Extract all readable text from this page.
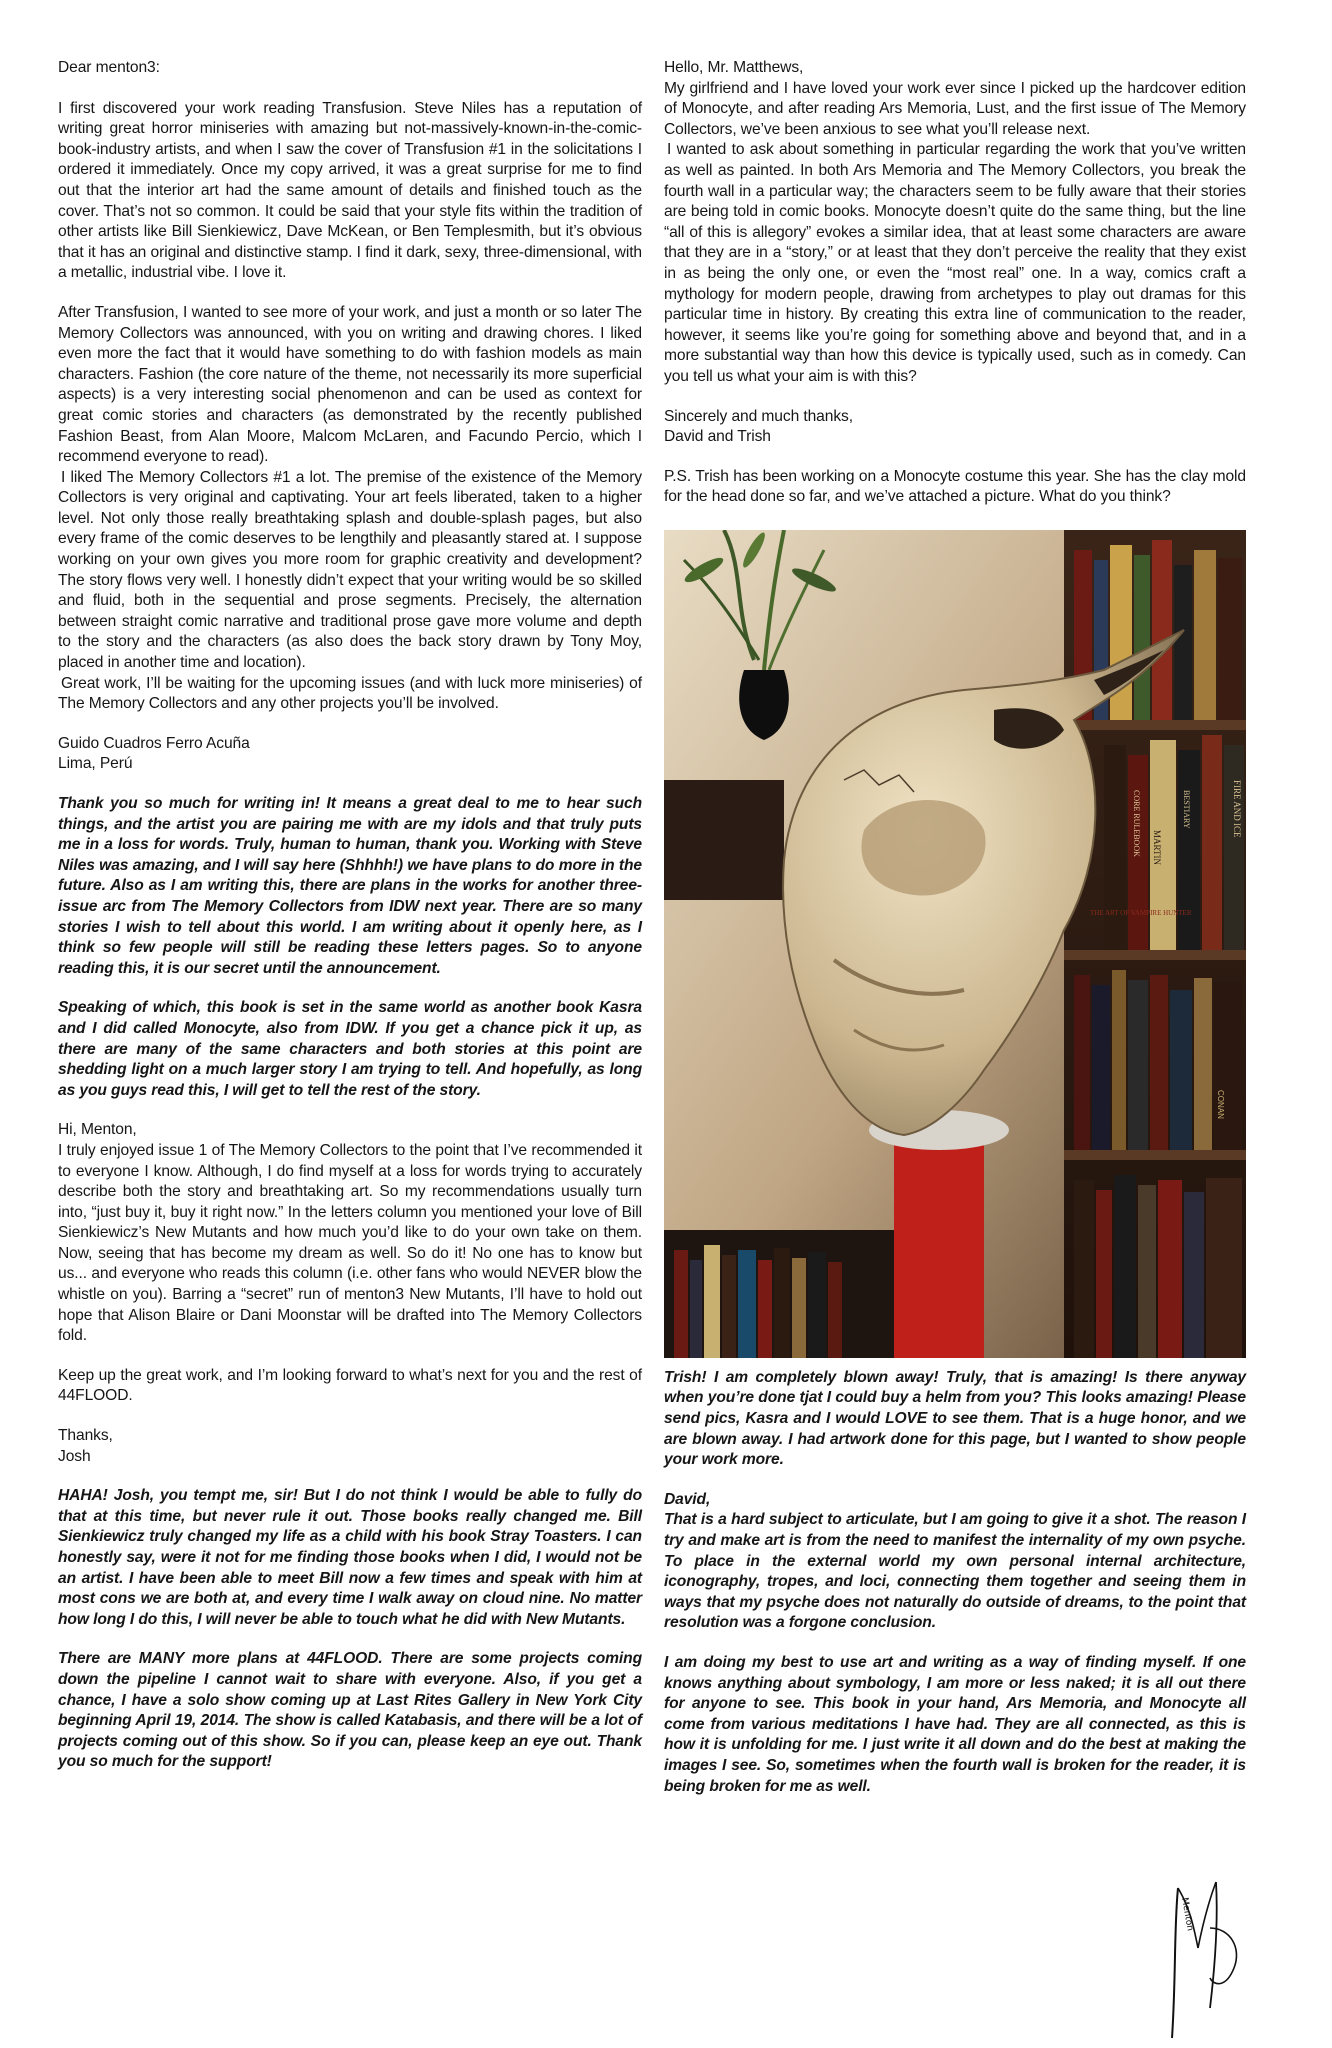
Dear menton3:

I first discovered your work reading Transfusion. Steve Niles has a reputation of writing great horror miniseries with amazing but not-massively-known-in-the-comic-book-industry artists, and when I saw the cover of Transfusion #1 in the solicitations I ordered it immediately. Once my copy arrived, it was a great surprise for me to find out that the interior art had the same amount of details and finished touch as the cover. That’s not so common. It could be said that your style fits within the tradition of other artists like Bill Sienkiewicz, Dave McKean, or Ben Templesmith, but it’s obvious that it has an original and distinctive stamp. I find it dark, sexy, three-dimensional, with a metallic, industrial vibe. I love it.

After Transfusion, I wanted to see more of your work, and just a month or so later The Memory Collectors was announced, with you on writing and drawing chores. I liked even more the fact that it would have something to do with fashion models as main characters. Fashion (the core nature of the theme, not necessarily its more superficial aspects) is a very interesting social phenomenon and can be used as context for great comic stories and characters (as demonstrated by the recently published Fashion Beast, from Alan Moore, Malcom McLaren, and Facundo Percio, which I recommend everyone to read).

I liked The Memory Collectors #1 a lot. The premise of the existence of the Memory Collectors is very original and captivating. Your art feels liberated, taken to a higher level. Not only those really breathtaking splash and double-splash pages, but also every frame of the comic deserves to be lengthily and pleasantly stared at. I suppose working on your own gives you more room for graphic creativity and development? The story flows very well. I honestly didn’t expect that your writing would be so skilled and fluid, both in the sequential and prose segments. Precisely, the alternation between straight comic narrative and traditional prose gave more volume and depth to the story and the characters (as also does the back story drawn by Tony Moy, placed in another time and location).

Great work, I’ll be waiting for the upcoming issues (and with luck more miniseries) of The Memory Collectors and any other projects you’ll be involved.

Guido Cuadros Ferro Acuña

Lima, Perú

Thank you so much for writing in! It means a great deal to me to hear such things, and the artist you are pairing me with are my idols and that truly puts me in a loss for words. Truly, human to human, thank you. Working with Steve Niles was amazing, and I will say here (Shhhh!) we have plans to do more in the future. Also as I am writing this, there are plans in the works for another three-issue arc from The Memory Collectors from IDW next year. There are so many stories I wish to tell about this world. I am writing about it openly here, as I think so few people will still be reading these letters pages. So to anyone reading this, it is our secret until the announcement.

Speaking of which, this book is set in the same world as another book Kasra and I did called Monocyte, also from IDW. If you get a chance pick it up, as there are many of the same characters and both stories at this point are shedding light on a much larger story I am trying to tell. And hopefully, as long as you guys read this, I will get to tell the rest of the story.

Hi, Menton,

I truly enjoyed issue 1 of The Memory Collectors to the point that I’ve recommended it to everyone I know. Although, I do find myself at a loss for words trying to accurately describe both the story and breathtaking art. So my recommendations usually turn into, “just buy it, buy it right now.” In the letters column you mentioned your love of Bill Sienkiewicz’s New Mutants and how much you’d like to do your own take on them. Now, seeing that has become my dream as well. So do it! No one has to know but us... and everyone who reads this column (i.e. other fans who would NEVER blow the whistle on you). Barring a “secret” run of menton3 New Mutants, I’ll have to hold out hope that Alison Blaire or Dani Moonstar will be drafted into The Memory Collectors fold.

Keep up the great work, and I’m looking forward to what’s next for you and the rest of 44FLOOD.

Thanks,

Josh

HAHA! Josh, you tempt me, sir! But I do not think I would be able to fully do that at this time, but never rule it out. Those books really changed me. Bill Sienkiewicz truly changed my life as a child with his book Stray Toasters. I can honestly say, were it not for me finding those books when I did, I would not be an artist. I have been able to meet Bill now a few times and speak with him at most cons we are both at, and every time I walk away on cloud nine. No matter how long I do this, I will never be able to touch what he did with New Mutants.

There are MANY more plans at 44FLOOD. There are some projects coming down the pipeline I cannot wait to share with everyone. Also, if you get a chance, I have a solo show coming up at Last Rites Gallery in New York City beginning April 19, 2014. The show is called Katabasis, and there will be a lot of projects coming out of this show. So if you can, please keep an eye out. Thank you so much for the support!

Hello, Mr. Matthews,

My girlfriend and I have loved your work ever since I picked up the hardcover edition of Monocyte, and after reading Ars Memoria, Lust, and the first issue of The Memory Collectors, we’ve been anxious to see what you’ll release next.

I wanted to ask about something in particular regarding the work that you’ve written as well as painted. In both Ars Memoria and The Memory Collectors, you break the fourth wall in a particular way; the characters seem to be fully aware that their stories are being told in comic books. Monocyte doesn’t quite do the same thing, but the line “all of this is allegory” evokes a similar idea, that at least some characters are aware that they are in a “story,” or at least that they don’t perceive the reality that they exist in as being the only one, or even the “most real” one. In a way, comics craft a mythology for modern people, drawing from archetypes to play out dramas for this particular time in history. By creating this extra line of communication to the reader, however, it seems like you’re going for something above and beyond that, and in a more substantial way than how this device is typically used, such as in comedy. Can you tell us what your aim is with this?

Sincerely and much thanks,

David and Trish

P.S. Trish has been working on a Monocyte costume this year. She has the clay mold for the head done so far, and we’ve attached a picture. What do you think?

MARTIN
FIRE AND ICE
BESTIARY
CORE RULEBOOK
THE ART OF VAMPIRE HUNTER
CONAN

Trish! I am completely blown away! Truly, that is amazing! Is there anyway when you’re done tjat I could buy a helm from you? This looks amazing! Please send pics, Kasra and I would LOVE to see them. That is a huge honor, and we are blown away. I had artwork done for this page, but I wanted to show people your work more.

David,

That is a hard subject to articulate, but I am going to give it a shot. The reason I try and make art is from the need to manifest the internality of my own psyche. To place in the external world my own personal internal architecture, iconography, tropes, and loci, connecting them together and seeing them in ways that my psyche does not naturally do outside of dreams, to the point that resolution was a forgone conclusion.

I am doing my best to use art and writing as a way of finding myself. If one knows anything about symbology, I am more or less naked; it is all out there for anyone to see. This book in your hand, Ars Memoria, and Monocyte all come from various meditations I have had. They are all connected, as this is how it is unfolding for me. I just write it all down and do the best at making the images I see. So, sometimes when the fourth wall is broken for the reader, it is being broken for me as well.

Menton
